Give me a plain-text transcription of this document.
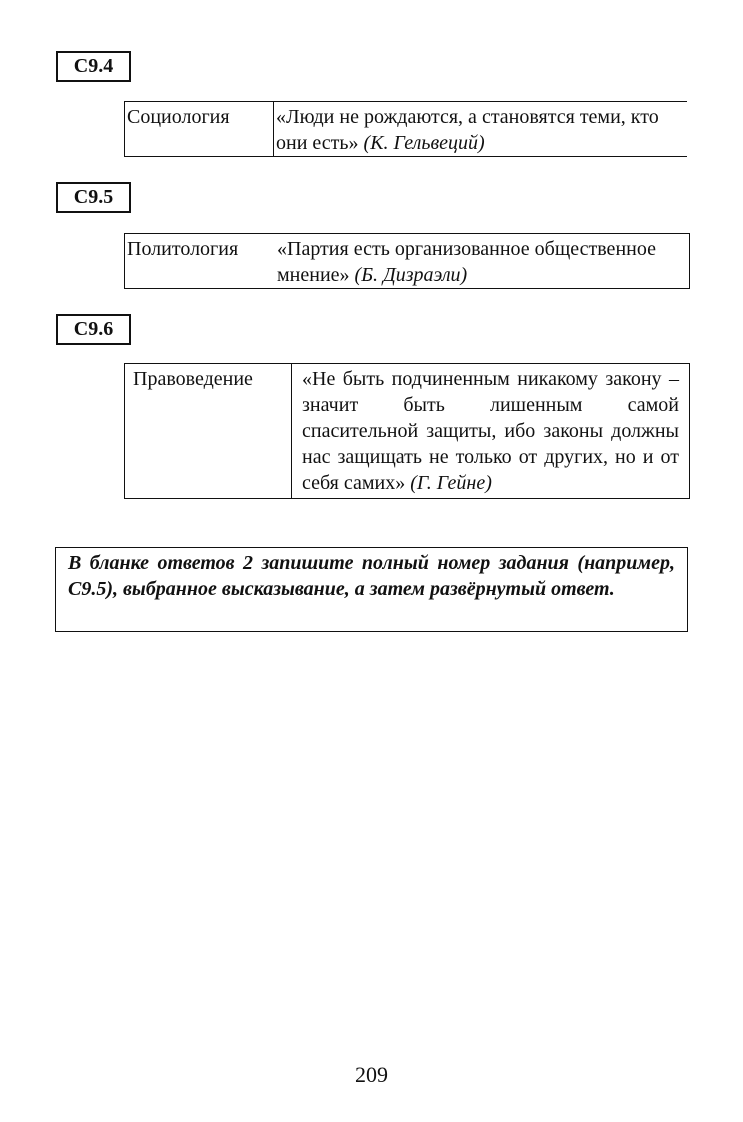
С9.4
Социология	«Люди не рождаются, а становятся теми, кто они есть» (К. Гельвеций)
С9.5
Политология	«Партия есть организованное общественное мнение» (Б. Дизраэли)
С9.6
Правоведение	«Не быть подчиненным никакому закону – значит быть лишенным самой спасительной защиты, ибо законы должны нас защищать не только от других, но и от себя самих» (Г. Гейне)
В бланке ответов 2 запишите полный номер задания (например, С9.5), выбранное высказывание, а затем развёрнутый ответ.
209
